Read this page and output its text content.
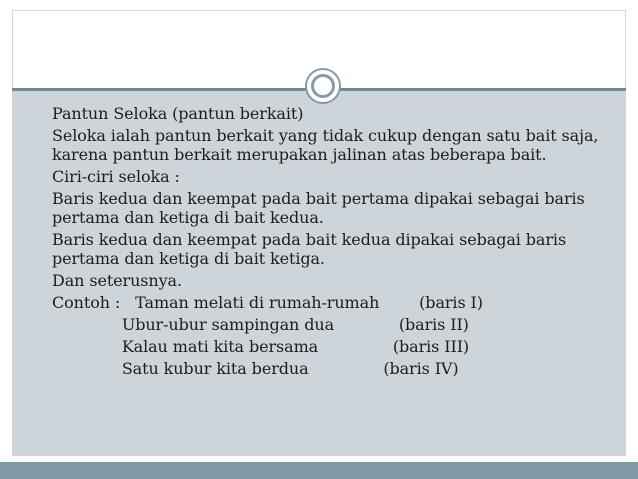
Pantun Seloka (pantun berkait)
Seloka ialah pantun berkait yang tidak cukup dengan satu bait saja,
karena pantun berkait merupakan jalinan atas beberapa bait.
Ciri-ciri seloka :
Baris kedua dan keempat pada bait pertama dipakai sebagai baris
pertama dan ketiga di bait kedua.
Baris kedua dan keempat pada bait kedua dipakai sebagai baris
pertama dan ketiga di bait ketiga.
Dan seterusnya.
Contoh :   Taman melati di rumah-rumah        (baris I)
Ubur-ubur sampingan dua             (baris II)
Kalau mati kita bersama               (baris III)
Satu kubur kita berdua               (baris IV)
